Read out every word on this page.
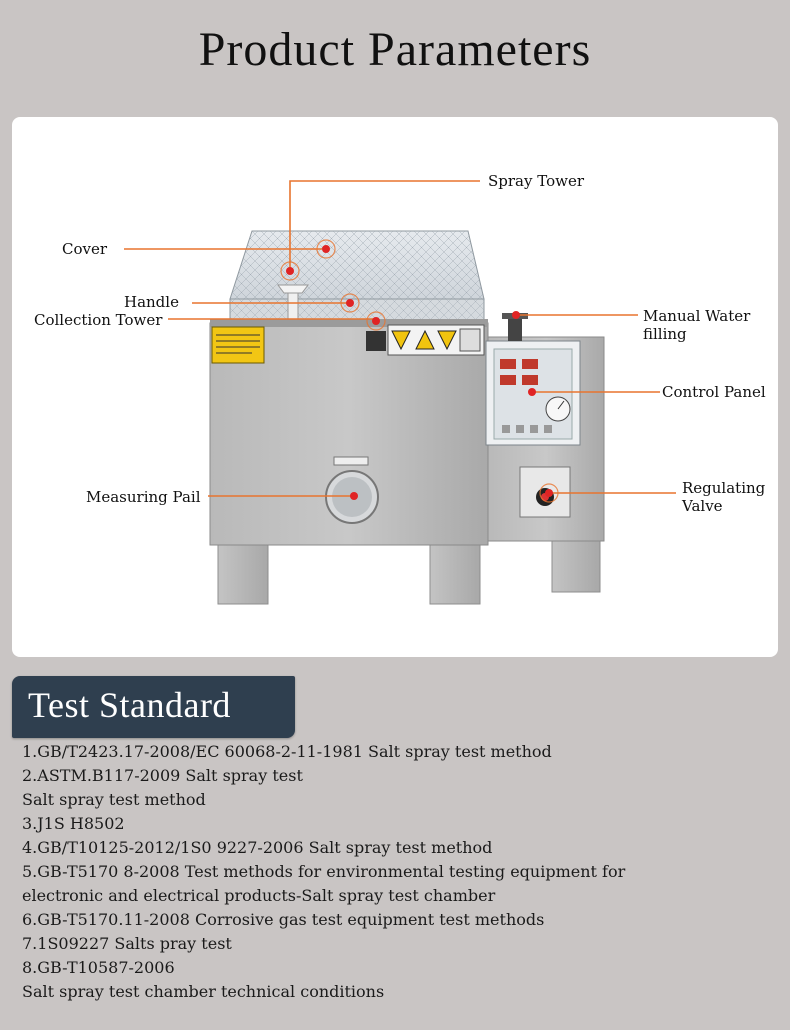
Product Parameters
Spray Tower
Cover
Handle
Collection Tower	Manual Water filling
Control Panel
Measuring Pail	Regulating Valve
Test Standard
1.GB/T2423.17-2008/EC 60068-2-11-1981 Salt spray test method
2.ASTM.B117-2009 Salt spray test
Salt spray test method
3.J1S H8502
4.GB/T10125-2012/1S0 9227-2006 Salt spray test method
5.GB-T5170 8-2008 Test methods for environmental testing equipment for
electronic and electrical products-Salt spray test chamber
6.GB-T5170.11-2008 Corrosive gas test equipment test methods
7.1S09227 Salts pray test
8.GB-T10587-2006
Salt spray test chamber technical conditions
